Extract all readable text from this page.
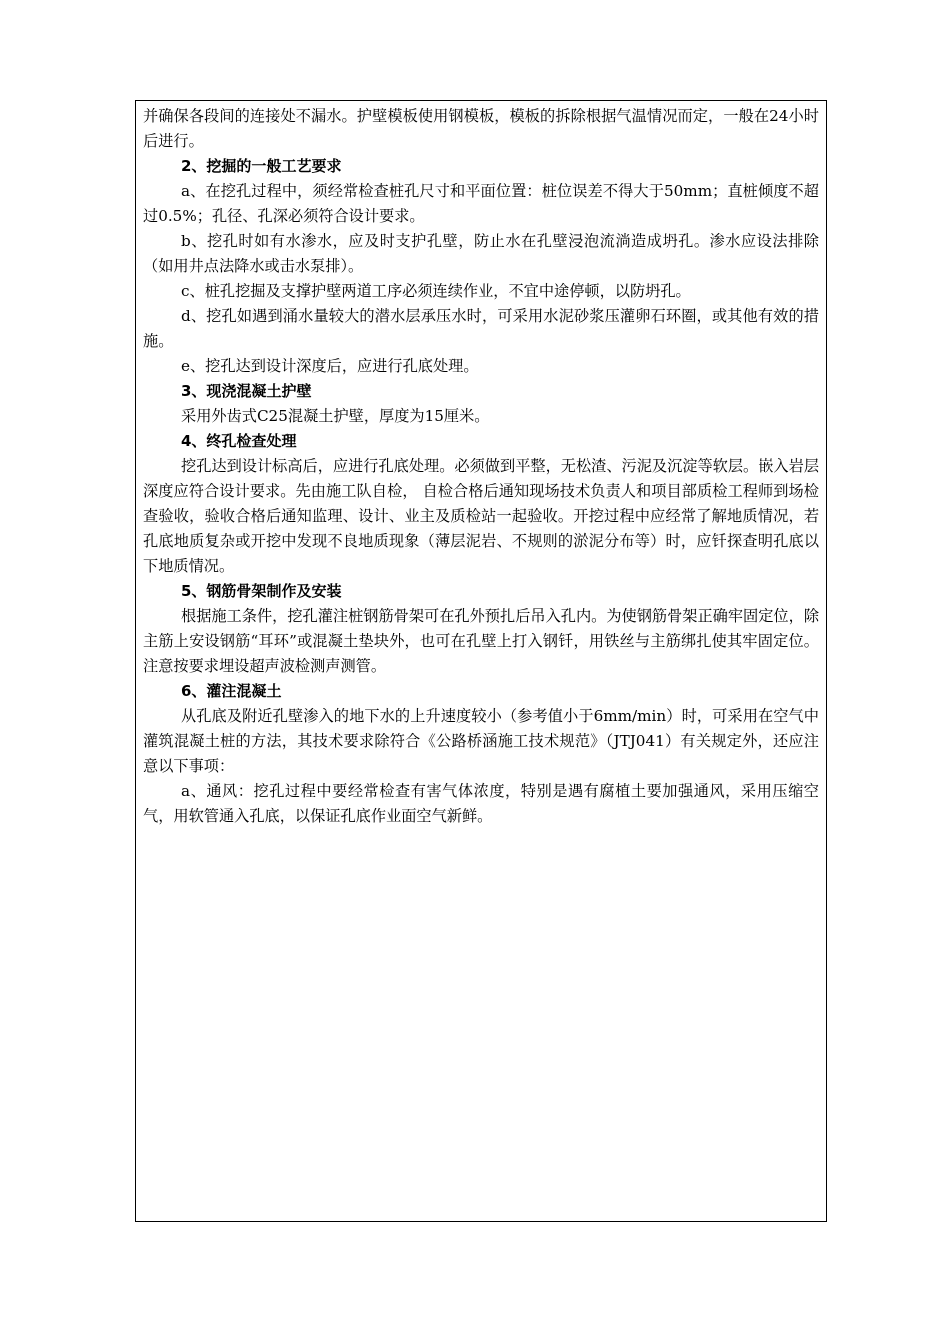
并确保各段间的连接处不漏水。护壁模板使用钢模板，模板的拆除根据气温情况而定，一般在24小时后进行。

2、挖掘的一般工艺要求

a、在挖孔过程中，须经常检查桩孔尺寸和平面位置：桩位误差不得大于50mm；直桩倾度不超过0.5%；孔径、孔深必须符合设计要求。

b、挖孔时如有水渗水，应及时支护孔壁，防止水在孔壁浸泡流淌造成坍孔。渗水应设法排除（如用井点法降水或击水泵排）。

c、桩孔挖掘及支撑护壁两道工序必须连续作业，不宜中途停顿，以防坍孔。

d、挖孔如遇到涌水量较大的潜水层承压水时，可采用水泥砂浆压灌卵石环圈，或其他有效的措施。

e、挖孔达到设计深度后，应进行孔底处理。

3、现浇混凝土护壁

采用外齿式C25混凝土护壁，厚度为15厘米。

4、终孔检查处理

挖孔达到设计标高后，应进行孔底处理。必须做到平整，无松渣、污泥及沉淀等软层。嵌入岩层深度应符合设计要求。先由施工队自检， 自检合格后通知现场技术负责人和项目部质检工程师到场检查验收，验收合格后通知监理、设计、业主及质检站一起验收。开挖过程中应经常了解地质情况，若孔底地质复杂或开挖中发现不良地质现象（薄层泥岩、不规则的淤泥分布等）时，应钎探查明孔底以下地质情况。

5、钢筋骨架制作及安装

根据施工条件，挖孔灌注桩钢筋骨架可在孔外预扎后吊入孔内。为使钢筋骨架正确牢固定位，除主筋上安设钢筋“耳环”或混凝土垫块外，也可在孔壁上打入钢钎，用铁丝与主筋绑扎使其牢固定位。注意按要求埋设超声波检测声测管。

6、灌注混凝土

从孔底及附近孔壁渗入的地下水的上升速度较小（参考值小于6mm/min）时，可采用在空气中灌筑混凝土桩的方法，其技术要求除符合《公路桥涵施工技术规范》（JTJ041）有关规定外，还应注意以下事项：

a、通风：挖孔过程中要经常检查有害气体浓度，特别是遇有腐植土要加强通风，采用压缩空气，用软管通入孔底，以保证孔底作业面空气新鲜。
